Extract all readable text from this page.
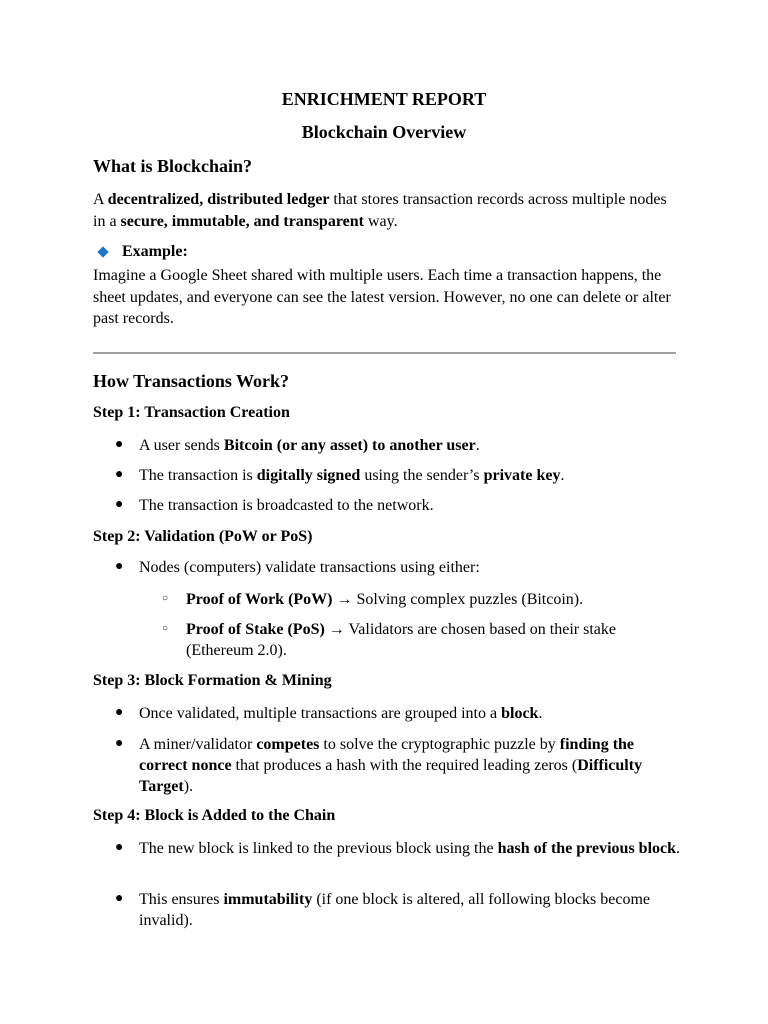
ENRICHMENT REPORT
Blockchain Overview
What is Blockchain?
A decentralized, distributed ledger that stores transaction records across multiple nodes in a secure, immutable, and transparent way.
Example:
Imagine a Google Sheet shared with multiple users. Each time a transaction happens, the sheet updates, and everyone can see the latest version. However, no one can delete or alter past records.
How Transactions Work?
Step 1: Transaction Creation
● A user sends Bitcoin (or any asset) to another user.
● The transaction is digitally signed using the sender’s private key.
● The transaction is broadcasted to the network.
Step 2: Validation (PoW or PoS)
● Nodes (computers) validate transactions using either:
○ Proof of Work (PoW) → Solving complex puzzles (Bitcoin).
○ Proof of Stake (PoS) → Validators are chosen based on their stake (Ethereum 2.0).
Step 3: Block Formation & Mining
● Once validated, multiple transactions are grouped into a block.
● A miner/validator competes to solve the cryptographic puzzle by finding the correct nonce that produces a hash with the required leading zeros (Difficulty Target).
Step 4: Block is Added to the Chain
● The new block is linked to the previous block using the hash of the previous block.
● This ensures immutability (if one block is altered, all following blocks become invalid).
